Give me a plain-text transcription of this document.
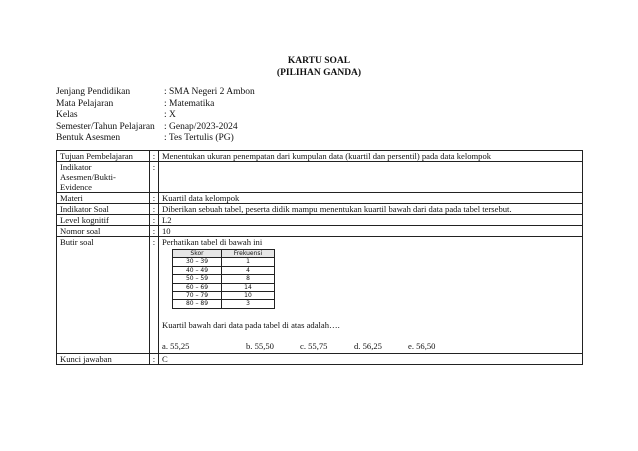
KARTU SOAL
(PILIHAN GANDA)
Jenjang Pendidikan	: SMA Negeri 2 Ambon
Mata Pelajaran	: Matematika
Kelas	: X
Semester/Tahun Pelajaran : Genap/2023-2024
Bentuk Asesmen	: Tes Tertulis (PG)
Tujuan Pembelajaran	:	Menentukan ukuran penempatan dari kumpulan data (kuartil dan persentil) pada data kelompok

Indikator
Asesmen/Bukti-Evidence
	:	
Materi	:	Kuartil data kelompok
Indikator Soal	:	Diberikan sebuah tabel, peserta didik mampu menentukan kuartil bawah dari data pada tabel tersebut.
Level kognitif	:	L2
Nomor soal	:	10
Butir soal	:	Perhatikan tabel di bawah ini
Skor	Frekuensi
30 – 39	1
40 – 49	4
50 – 59	8
60 – 69	14
70 – 79	10
80 – 89	3
Kuartil bawah dari data pada tabel di atas adalah….
a. 55,25	b. 55,50	c. 55,75	d. 56,25	e. 56,50

Kunci jawaban	:	C
